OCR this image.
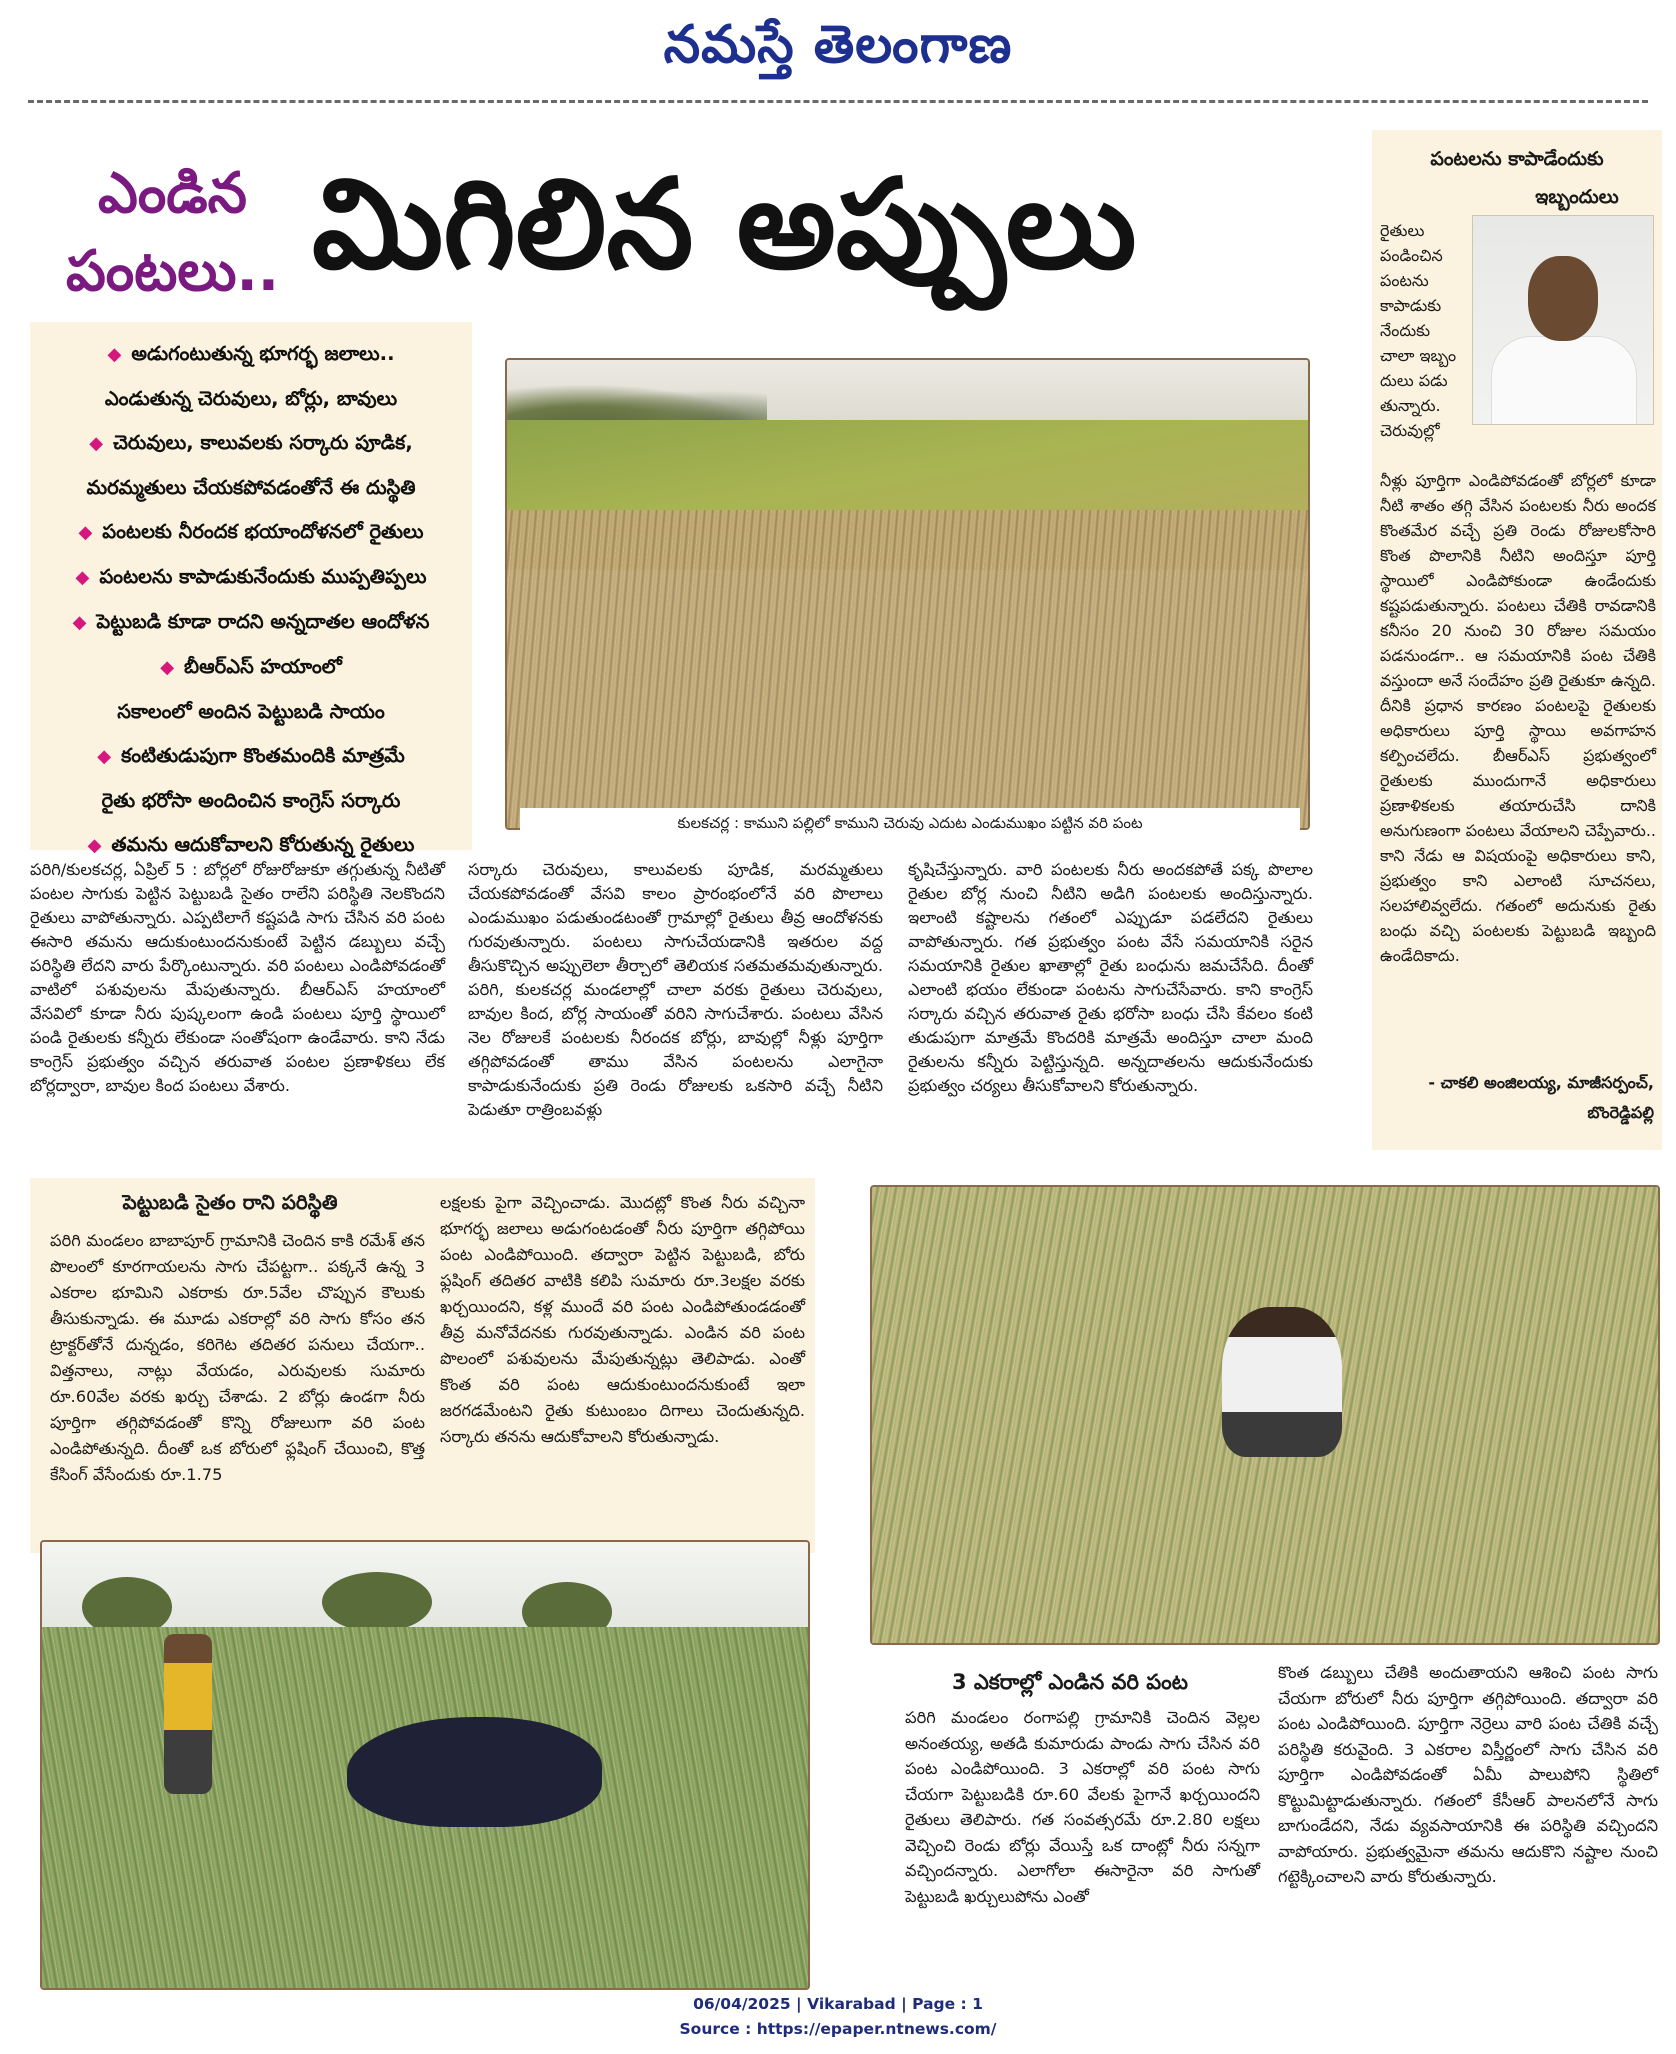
నమస్తే తెలంగాణ
ఎండిన
పంటలు.. మిగిలిన అప్పులు
◆ అడుగంటుతున్న భూగర్భ జలాలు..
ఎండుతున్న చెరువులు, బోర్లు, బావులు
◆ చెరువులు, కాలువలకు సర్కారు పూడిక,
మరమ్మతులు చేయకపోవడంతోనే ఈ దుస్థితి
◆ పంటలకు నీరందక భయాందోళనలో రైతులు
◆ పంటలను కాపాడుకునేందుకు ముప్పతిప్పలు
◆ పెట్టుబడి కూడా రాదని అన్నదాతల ఆందోళన
◆ బీఆర్ఎస్ హయాంలో
సకాలంలో అందిన పెట్టుబడి సాయం
◆ కంటితుడుపుగా కొంతమందికి మాత్రమే
రైతు భరోసా అందించిన కాంగ్రెస్ సర్కారు
◆ తమను ఆదుకోవాలని కోరుతున్న రైతులు
కులకచర్ల : కాముని పల్లిలో కాముని చెరువు ఎదుట ఎండుముఖం పట్టిన వరి పంట
పరిగి/కులకచర్ల, ఏప్రిల్ 5 : బోర్లలో రోజురోజుకూ తగ్గుతున్న నీటితో పంటల సాగుకు పెట్టిన పెట్టుబడి సైతం రాలేని పరిస్థితి నెలకొందని రైతులు వాపోతున్నారు. ఎప్పటిలాగే కష్టపడి సాగు చేసిన వరి పంట ఈసారి తమను ఆదుకుంటుందనుకుంటే పెట్టిన డబ్బులు వచ్చే పరిస్థితి లేదని వారు పేర్కొంటున్నారు. వరి పంటలు ఎండిపోవడంతో వాటిలో పశువులను మేపుతున్నారు. బీఆర్ఎస్ హయాంలో వేసవిలో కూడా నీరు పుష్కలంగా ఉండి పంటలు పూర్తి స్థాయిలో పండి రైతులకు కన్నీరు లేకుండా సంతోషంగా ఉండేవారు. కాని నేడు కాంగ్రెస్ ప్రభుత్వం వచ్చిన తరువాత పంటల ప్రణాళికలు లేక బోర్లద్వారా, బావుల కింద పంటలు వేశారు.
సర్కారు చెరువులు, కాలువలకు పూడిక, మరమ్మతులు చేయకపోవడంతో వేసవి కాలం ప్రారంభంలోనే వరి పొలాలు ఎండుముఖం పడుతుండటంతో గ్రామాల్లో రైతులు తీవ్ర ఆందోళనకు గురవుతున్నారు. పంటలు సాగుచేయడానికి ఇతరుల వద్ద తీసుకొచ్చిన అప్పులెలా తీర్చాలో తెలియక సతమతమవుతున్నారు. పరిగి, కులకచర్ల మండలాల్లో చాలా వరకు రైతులు చెరువులు, బావుల కింద, బోర్ల సాయంతో వరిని సాగుచేశారు. పంటలు వేసిన నెల రోజులకే పంటలకు నీరందక బోర్లు, బావుల్లో నీళ్లు పూర్తిగా తగ్గిపోవడంతో తాము వేసిన పంటలను ఎలాగైనా కాపాడుకునేందుకు ప్రతి రెండు రోజులకు ఒకసారి వచ్చే నీటిని పెడుతూ రాత్రింబవళ్లు
కృషిచేస్తున్నారు. వారి పంటలకు నీరు అందకపోతే పక్క పొలాల రైతుల బోర్ల నుంచి నీటిని అడిగి పంటలకు అందిస్తున్నారు. ఇలాంటి కష్టాలను గతంలో ఎప్పుడూ పడలేదని రైతులు వాపోతున్నారు. గత ప్రభుత్వం పంట వేసే సమయానికి సరైన సమయానికి రైతుల ఖాతాల్లో రైతు బంధును జమచేసేది. దీంతో ఎలాంటి భయం లేకుండా పంటను సాగుచేసేవారు. కాని కాంగ్రెస్ సర్కారు వచ్చిన తరువాత రైతు భరోసా బంధు చేసి కేవలం కంటి తుడుపుగా మాత్రమే కొందరికి మాత్రమే అందిస్తూ చాలా మంది రైతులను కన్నీరు పెట్టిస్తున్నది. అన్నదాతలను ఆదుకునేందుకు ప్రభుత్వం చర్యలు తీసుకోవాలని కోరుతున్నారు.
పంటలను కాపాడేందుకు
ఇబ్బందులు
రైతులు పండించిన పంటను కాపాడుకు నేందుకు చాలా ఇబ్బం దులు పడు తున్నారు. చెరువుల్లో
నీళ్లు పూర్తిగా ఎండిపోవడంతో బోర్లలో కూడా నీటి శాతం తగ్గి వేసిన పంటలకు నీరు అందక కొంతమేర వచ్చే ప్రతి రెండు రోజులకోసారి కొంత పొలానికి నీటిని అందిస్తూ పూర్తి స్థాయిలో ఎండిపోకుండా ఉండేందుకు కష్టపడుతున్నారు. పంటలు చేతికి రావడానికి కనీసం 20 నుంచి 30 రోజుల సమయం పడనుండగా.. ఆ సమయానికి పంట చేతికి వస్తుందా అనే సందేహం ప్రతి రైతుకూ ఉన్నది. దీనికి ప్రధాన కారణం పంటలపై రైతులకు అధికారులు పూర్తి స్థాయి అవగాహన కల్పించలేదు. బీఆర్ఎస్ ప్రభుత్వంలో రైతులకు ముందుగానే అధికారులు ప్రణాళికలకు తయారుచేసి దానికి అనుగుణంగా పంటలు వేయాలని చెప్పేవారు.. కాని నేడు ఆ విషయంపై అధికారులు కాని, ప్రభుత్వం కాని ఎలాంటి సూచనలు, సలహాలివ్వలేదు. గతంలో అదునుకు రైతు బంధు వచ్చి పంటలకు పెట్టుబడి ఇబ్బంది ఉండేదికాదు.
- చాకలి అంజిలయ్య, మాజీసర్పంచ్,
బొంరెడ్డిపల్లి
పెట్టుబడి సైతం రాని పరిస్థితి
పరిగి మండలం బాబాపూర్ గ్రామానికి చెందిన కాకి రమేశ్ తన పొలంలో కూరగాయలను సాగు చేపట్టగా.. పక్కనే ఉన్న 3 ఎకరాల భూమిని ఎకరాకు రూ.5వేల చొప్పున కౌలుకు తీసుకున్నాడు. ఈ మూడు ఎకరాల్లో వరి సాగు కోసం తన ట్రాక్టర్‌తోనే దున్నడం, కరిగెట తదితర పనులు చేయగా.. విత్తనాలు, నాట్లు వేయడం, ఎరువులకు సుమారు రూ.60వేల వరకు ఖర్చు చేశాడు. 2 బోర్లు ఉండగా నీరు పూర్తిగా తగ్గిపోవడంతో కొన్ని రోజులుగా వరి పంట ఎండిపోతున్నది. దీంతో ఒక బోరులో ఫ్లషింగ్ చేయించి, కొత్త కేసింగ్ వేసేందుకు రూ.1.75
లక్షలకు పైగా వెచ్చించాడు. మొదట్లో కొంత నీరు వచ్చినా భూగర్భ జలాలు అడుగంటడంతో నీరు పూర్తిగా తగ్గిపోయి పంట ఎండిపోయింది. తద్వారా పెట్టిన పెట్టుబడి, బోరు ఫ్లషింగ్ తదితర వాటికి కలిపి సుమారు రూ.3లక్షల వరకు ఖర్చయిందని, కళ్ల ముందే వరి పంట ఎండిపోతుండడంతో తీవ్ర మనోవేదనకు గురవుతున్నాడు. ఎండిన వరి పంట పొలంలో పశువులను మేపుతున్నట్లు తెలిపాడు. ఎంతో కొంత వరి పంట ఆదుకుంటుందనుకుంటే ఇలా జరగడమేంటని రైతు కుటుంబం దిగాలు చెందుతున్నది. సర్కారు తనను ఆదుకోవాలని కోరుతున్నాడు.
3 ఎకరాల్లో ఎండిన వరి పంట
పరిగి మండలం రంగాపల్లి గ్రామానికి చెందిన వెల్లల అనంతయ్య, అతడి కుమారుడు పాండు సాగు చేసిన వరి పంట ఎండిపోయింది. 3 ఎకరాల్లో వరి పంట సాగు చేయగా పెట్టుబడికి రూ.60 వేలకు పైగానే ఖర్చయిందని రైతులు తెలిపారు. గత సంవత్సరమే రూ.2.80 లక్షలు వెచ్చించి రెండు బోర్లు వేయిస్తే ఒక దాంట్లో నీరు సన్నగా వచ్చిందన్నారు. ఎలాగోలా ఈసారైనా వరి సాగుతో పెట్టుబడి ఖర్చులుపోను ఎంతో
కొంత డబ్బులు చేతికి అందుతాయని ఆశించి పంట సాగు చేయగా బోరులో నీరు పూర్తిగా తగ్గిపోయింది. తద్వారా వరి పంట ఎండిపోయింది. పూర్తిగా నెర్రెలు వారి పంట చేతికి వచ్చే పరిస్థితి కరువైంది. 3 ఎకరాల విస్తీర్ణంలో సాగు చేసిన వరి పూర్తిగా ఎండిపోవడంతో ఏమీ పాలుపోని స్థితిలో కొట్టుమిట్టాడుతున్నారు. గతంలో కేసీఆర్ పాలనలోనే సాగు బాగుండేదని, నేడు వ్యవసాయానికి ఈ పరిస్థితి వచ్చిందని వాపోయారు. ప్రభుత్వమైనా తమను ఆదుకొని నష్టాల నుంచి గట్టెక్కించాలని వారు కోరుతున్నారు.
06/04/2025 | Vikarabad | Page : 1
Source : https://epaper.ntnews.com/
